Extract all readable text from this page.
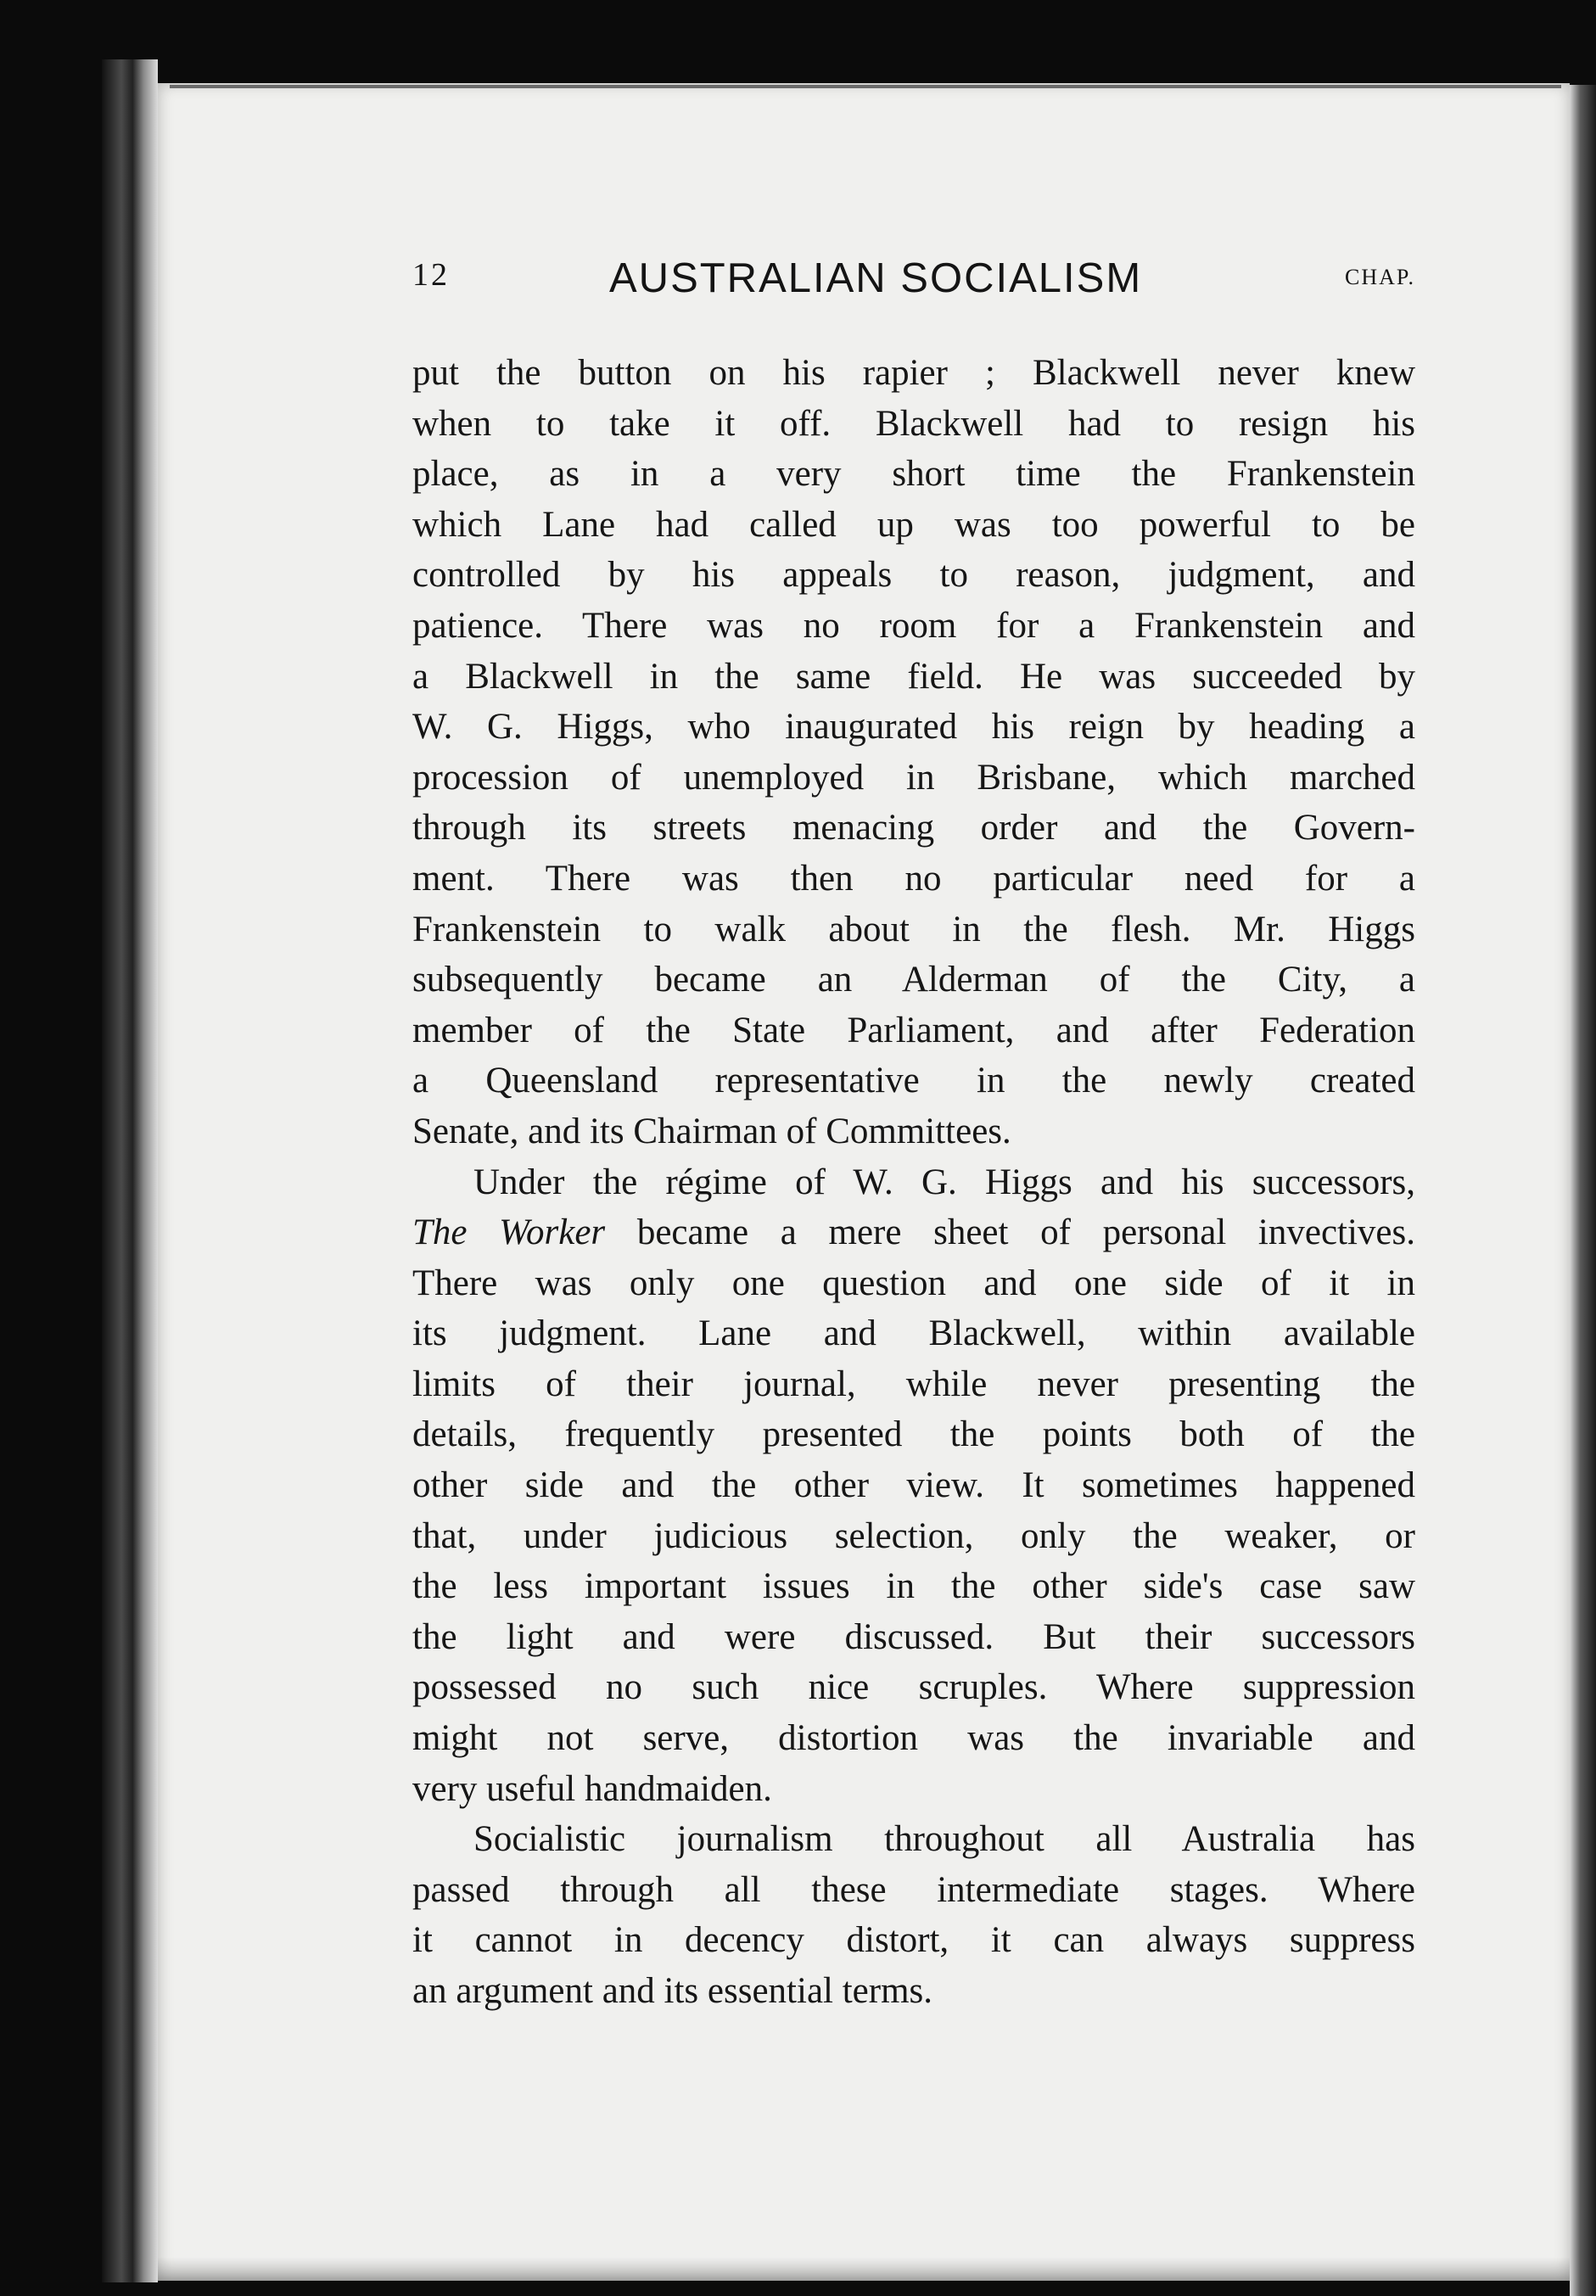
12	AUSTRALIAN SOCIALISM	CHAP.
put the button on his rapier ; Blackwell never knew
when to take it off. Blackwell had to resign his
place, as in a very short time the Frankenstein
which Lane had called up was too powerful to be
controlled by his appeals to reason, judgment, and
patience. There was no room for a Frankenstein and
a Blackwell in the same field. He was succeeded by
W. G. Higgs, who inaugurated his reign by heading a
procession of unemployed in Brisbane, which marched
through its streets menacing order and the Govern-
ment. There was then no particular need for a
Frankenstein to walk about in the flesh. Mr. Higgs
subsequently became an Alderman of the City, a
member of the State Parliament, and after Federation
a Queensland representative in the newly created
Senate, and its Chairman of Committees.
Under the régime of W. G. Higgs and his successors,
The Worker became a mere sheet of personal invectives.
There was only one question and one side of it in
its judgment. Lane and Blackwell, within available
limits of their journal, while never presenting the
details, frequently presented the points both of the
other side and the other view. It sometimes happened
that, under judicious selection, only the weaker, or
the less important issues in the other side's case saw
the light and were discussed. But their successors
possessed no such nice scruples. Where suppression
might not serve, distortion was the invariable and
very useful handmaiden.
Socialistic journalism throughout all Australia has
passed through all these intermediate stages. Where
it cannot in decency distort, it can always suppress
an argument and its essential terms.
